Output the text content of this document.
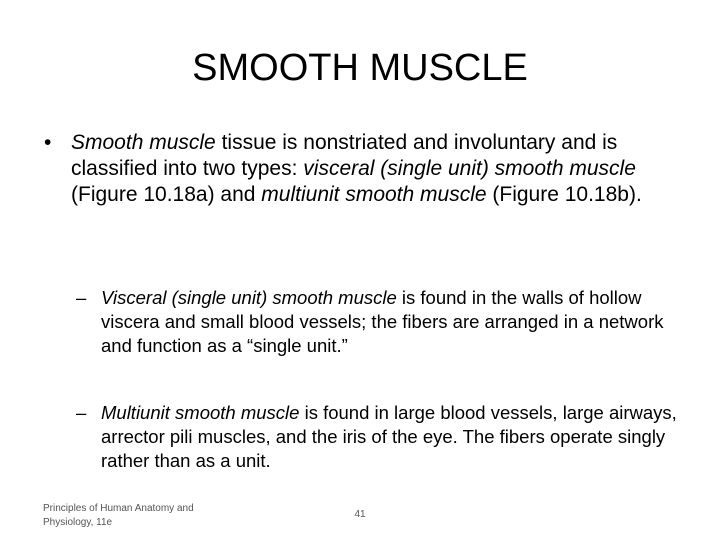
SMOOTH MUSCLE
• Smooth muscle tissue is nonstriated and involuntary and is classified into two types: visceral (single unit) smooth muscle (Figure 10.18a) and multiunit smooth muscle (Figure 10.18b).
– Visceral (single unit) smooth muscle is found in the walls of hollow viscera and small blood vessels; the fibers are arranged in a network and function as a “single unit.”
– Multiunit smooth muscle is found in large blood vessels, large airways, arrector pili muscles, and the iris of the eye. The fibers operate singly rather than as a unit.
Principles of Human Anatomy and Physiology, 11e
41
